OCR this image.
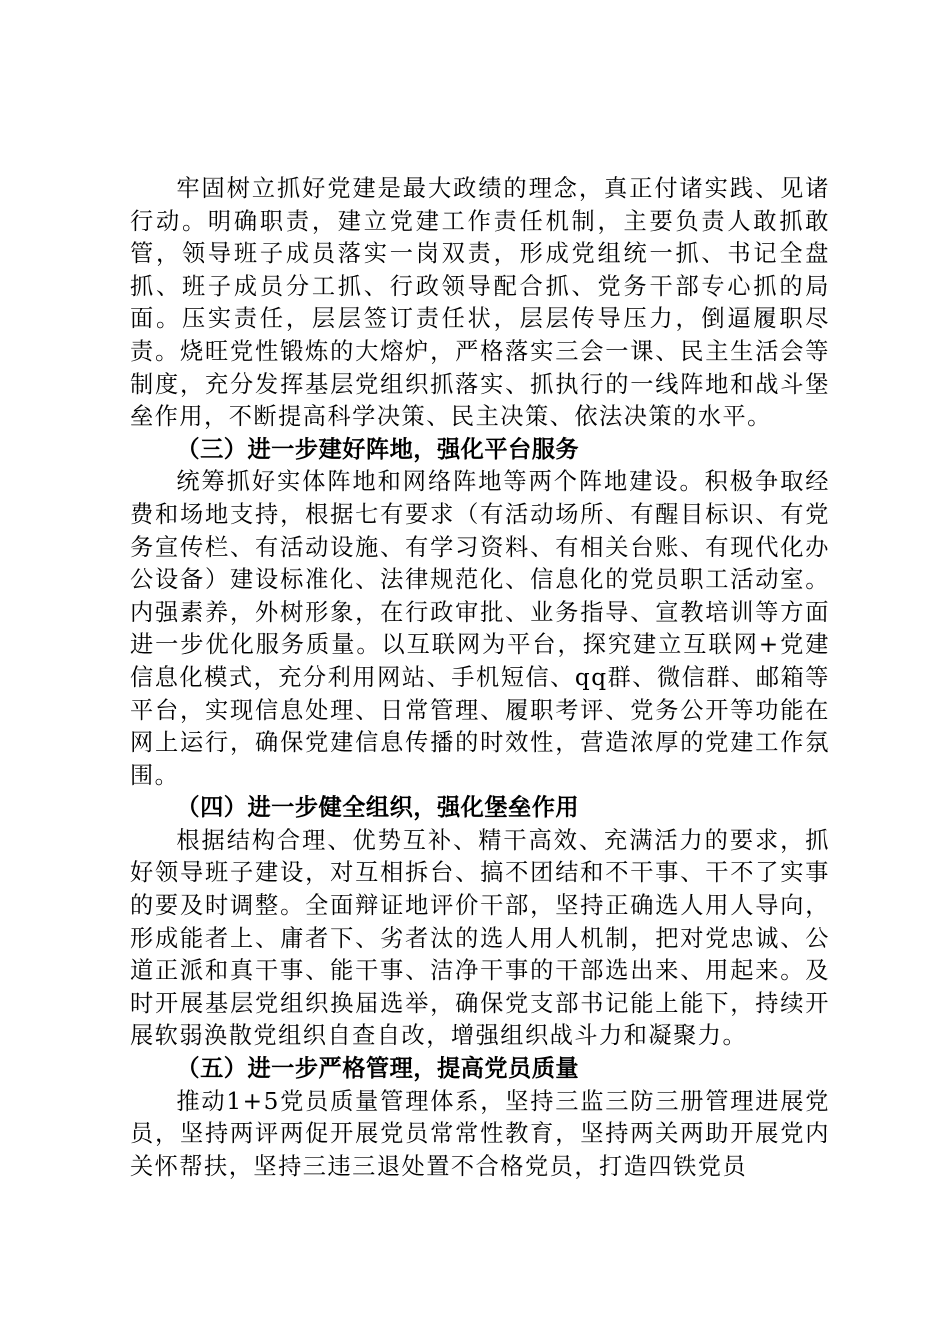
牢固树立抓好党建是最大政绩的理念，真正付诸实践、见诸行动。明确职责，建立党建工作责任机制，主要负责人敢抓敢管，领导班子成员落实一岗双责，形成党组统一抓、书记全盘抓、班子成员分工抓、行政领导配合抓、党务干部专心抓的局面。压实责任，层层签订责任状，层层传导压力，倒逼履职尽责。烧旺党性锻炼的大熔炉，严格落实三会一课、民主生活会等制度，充分发挥基层党组织抓落实、抓执行的一线阵地和战斗堡垒作用，不断提高科学决策、民主决策、依法决策的水平。

（三）进一步建好阵地，强化平台服务

统筹抓好实体阵地和网络阵地等两个阵地建设。积极争取经费和场地支持，根据七有要求（有活动场所、有醒目标识、有党务宣传栏、有活动设施、有学习资料、有相关台账、有现代化办公设备）建设标准化、法律规范化、信息化的党员职工活动室。内强素养，外树形象，在行政审批、业务指导、宣教培训等方面进一步优化服务质量。以互联网为平台，探究建立互联网+党建信息化模式，充分利用网站、手机短信、qq群、微信群、邮箱等平台，实现信息处理、日常管理、履职考评、党务公开等功能在网上运行，确保党建信息传播的时效性，营造浓厚的党建工作氛围。

（四）进一步健全组织，强化堡垒作用

根据结构合理、优势互补、精干高效、充满活力的要求，抓好领导班子建设，对互相拆台、搞不团结和不干事、干不了实事的要及时调整。全面辩证地评价干部，坚持正确选人用人导向，形成能者上、庸者下、劣者汰的选人用人机制，把对党忠诚、公道正派和真干事、能干事、洁净干事的干部选出来、用起来。及时开展基层党组织换届选举，确保党支部书记能上能下，持续开展软弱涣散党组织自查自改，增强组织战斗力和凝聚力。

（五）进一步严格管理，提高党员质量

推动1+5党员质量管理体系，坚持三监三防三册管理进展党员，坚持两评两促开展党员常常性教育，坚持两关两助开展党内关怀帮扶，坚持三违三退处置不合格党员，打造四铁党员
